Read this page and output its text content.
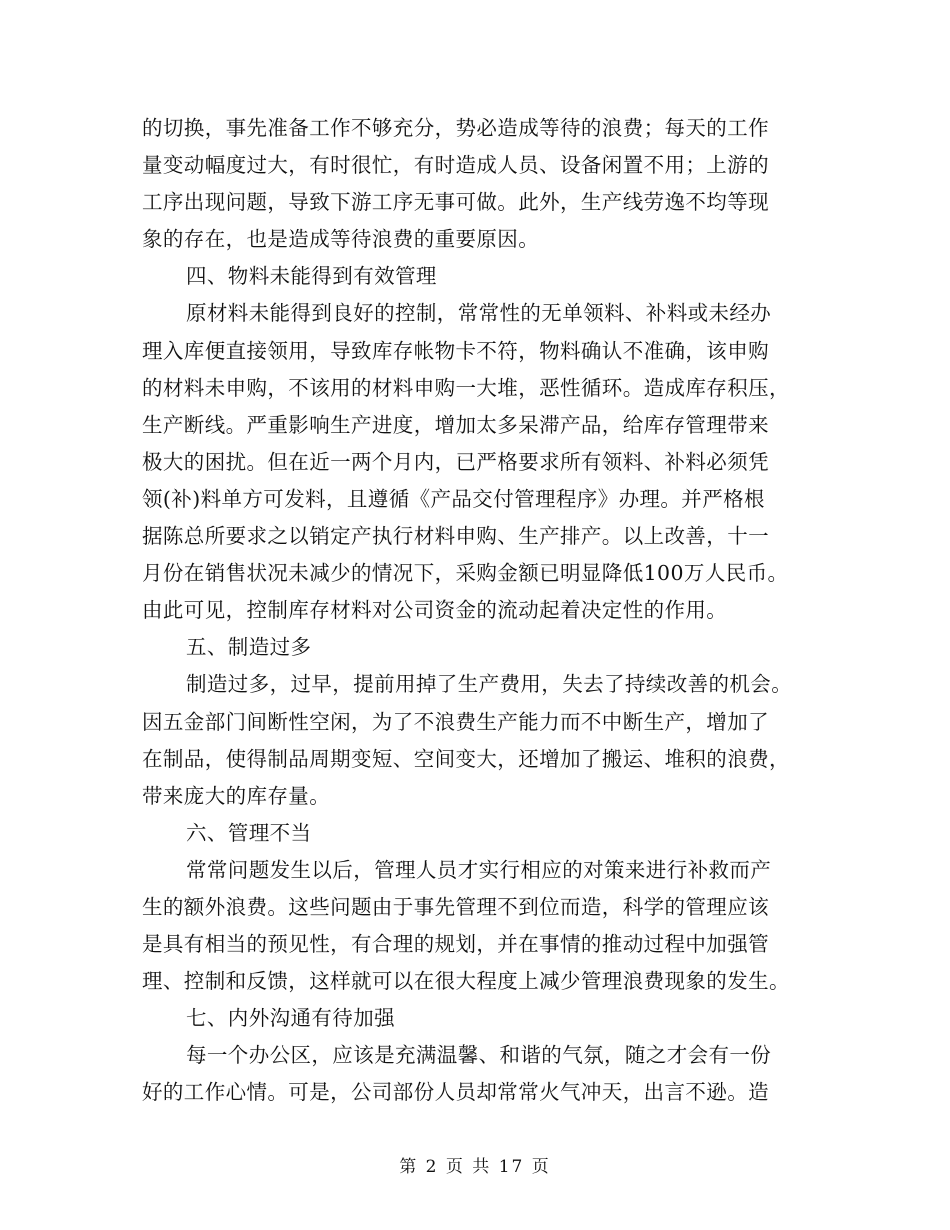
的切换，事先准备工作不够充分，势必造成等待的浪费；每天的工作
量变动幅度过大，有时很忙，有时造成人员、设备闲置不用；上游的
工序出现问题，导致下游工序无事可做。此外，生产线劳逸不均等现
象的存在，也是造成等待浪费的重要原因。
四、物料未能得到有效管理
原材料未能得到良好的控制，常常性的无单领料、补料或未经办
理入库便直接领用，导致库存帐物卡不符，物料确认不准确，该申购
的材料未申购，不该用的材料申购一大堆，恶性循环。造成库存积压，
生产断线。严重影响生产进度，增加太多呆滞产品，给库存管理带来
极大的困扰。但在近一两个月内，已严格要求所有领料、补料必须凭
领(补)料单方可发料，且遵循《产品交付管理程序》办理。并严格根
据陈总所要求之以销定产执行材料申购、生产排产。以上改善，十一
月份在销售状况未减少的情况下，采购金额已明显降低100万人民币。
由此可见，控制库存材料对公司资金的流动起着决定性的作用。
五、制造过多
制造过多，过早，提前用掉了生产费用，失去了持续改善的机会。
因五金部门间断性空闲，为了不浪费生产能力而不中断生产，增加了
在制品，使得制品周期变短、空间变大，还增加了搬运、堆积的浪费，
带来庞大的库存量。
六、管理不当
常常问题发生以后，管理人员才实行相应的对策来进行补救而产
生的额外浪费。这些问题由于事先管理不到位而造，科学的管理应该
是具有相当的预见性，有合理的规划，并在事情的推动过程中加强管
理、控制和反馈，这样就可以在很大程度上减少管理浪费现象的发生。
七、内外沟通有待加强
每一个办公区，应该是充满温馨、和谐的气氛，随之才会有一份
好的工作心情。可是，公司部份人员却常常火气冲天，出言不逊。造
第 2 页 共 17 页
